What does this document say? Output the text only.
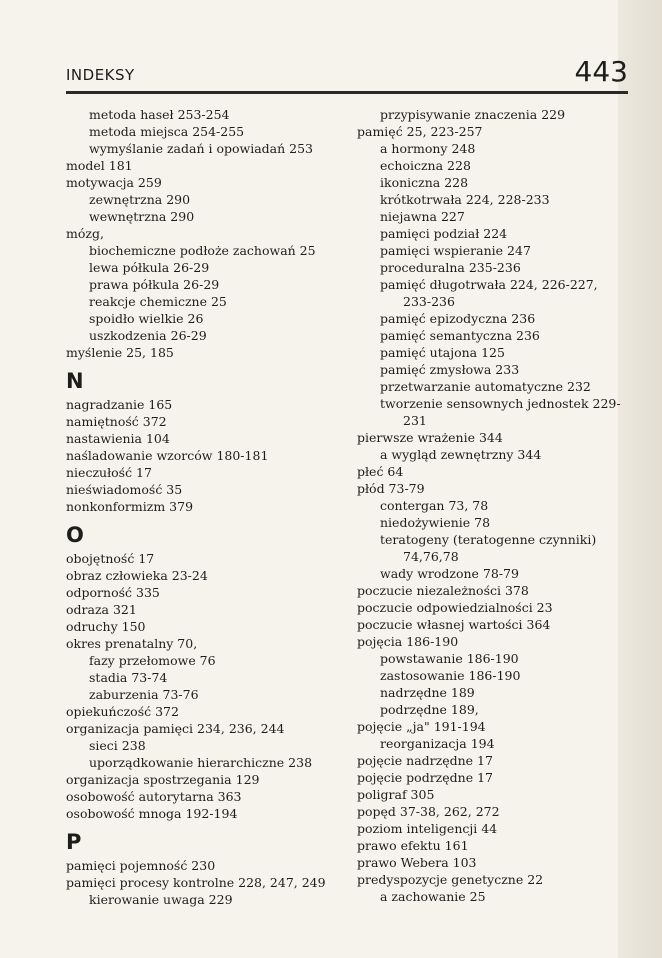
INDEKSY	443
metoda haseł 253-254
metoda miejsca 254-255
wymyślanie zadań i opowiadań 253
model 181
motywacja 259
zewnętrzna 290
wewnętrzna 290
mózg,
biochemiczne podłoże zachowań 25
lewa półkula 26-29
prawa półkula 26-29
reakcje chemiczne 25
spoidło wielkie 26
uszkodzenia 26-29
myślenie 25, 185
N
nagradzanie 165
namiętność 372
nastawienia 104
naśladowanie wzorców 180-181
nieczułość 17
nieświadomość 35
nonkonformizm 379
O
obojętność 17
obraz człowieka 23-24
odporność 335
odraza 321
odruchy 150
okres prenatalny 70,
fazy przełomowe 76
stadia 73-74
zaburzenia 73-76
opiekuńczość 372
organizacja pamięci 234, 236, 244
sieci 238
uporządkowanie hierarchiczne 238
organizacja spostrzegania 129
osobowość autorytarna 363
osobowość mnoga 192-194
P
pamięci pojemność 230
pamięci procesy kontrolne 228, 247, 249
kierowanie uwaga 229
przypisywanie znaczenia 229
pamięć 25, 223-257
a hormony 248
echoiczna 228
ikoniczna 228
krótkotrwała 224, 228-233
niejawna 227
pamięci podział 224
pamięci wspieranie 247
proceduralna 235-236
pamięć długotrwała 224, 226-227, 233-236
pamięć epizodyczna 236
pamięć semantyczna 236
pamięć utajona 125
pamięć zmysłowa 233
przetwarzanie automatyczne 232
tworzenie sensownych jednostek 229-231
pierwsze wrażenie 344
a wygląd zewnętrzny 344
płeć 64
płód 73-79
contergan 73, 78
niedożywienie 78
teratogeny (teratogenne czynniki) 74,76,78
wady wrodzone 78-79
poczucie niezależności 378
poczucie odpowiedzialności 23
poczucie własnej wartości 364
pojęcia 186-190
powstawanie 186-190
zastosowanie 186-190
nadrzędne 189
podrzędne 189,
pojęcie „ja" 191-194
reorganizacja 194
pojęcie nadrzędne 17
pojęcie podrzędne 17
poligraf 305
popęd 37-38, 262, 272
poziom inteligencji 44
prawo efektu 161
prawo Webera 103
predyspozycje genetyczne 22
a zachowanie 25
